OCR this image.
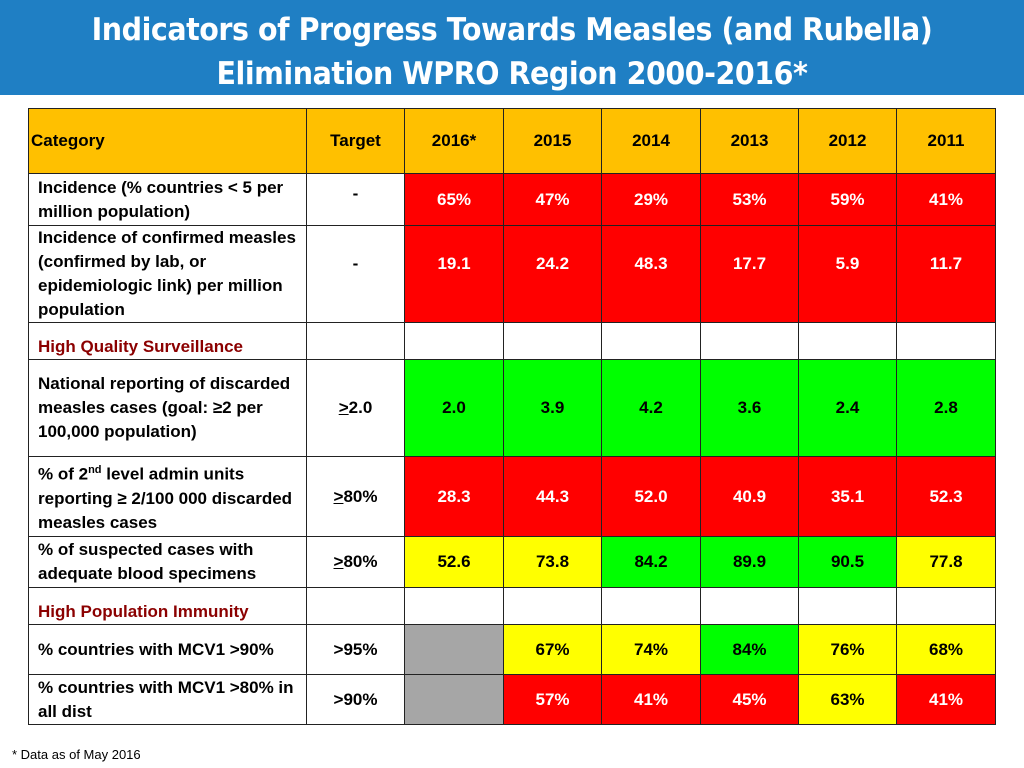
Indicators of Progress Towards Measles (and Rubella)
Elimination WPRO Region 2000-2016*
Category	Target	2016*	2015	2014	2013	2012	2011
Incidence (% countries < 5 per million population)	-	65%	47%	29%	53%	59%	41%
Incidence of confirmed measles (confirmed by lab, or epidemiologic link) per million population	-	19.1	24.2	48.3	17.7	5.9	11.7
High Quality Surveillance							
National reporting of discarded measles cases (goal: ≥2 per 100,000 population)	>2.0	2.0	3.9	4.2	3.6	2.4	2.8
% of 2nd level admin units reporting ≥ 2/100 000 discarded measles cases	>80%	28.3	44.3	52.0	40.9	35.1	52.3
% of suspected cases with adequate blood specimens	>80%	52.6	73.8	84.2	89.9	90.5	77.8
High Population Immunity							
% countries with MCV1 >90%	>95%		67%	74%	84%	76%	68%
% countries with MCV1 >80% in all dist	>90%		57%	41%	45%	63%	41%
* Data as of May 2016
